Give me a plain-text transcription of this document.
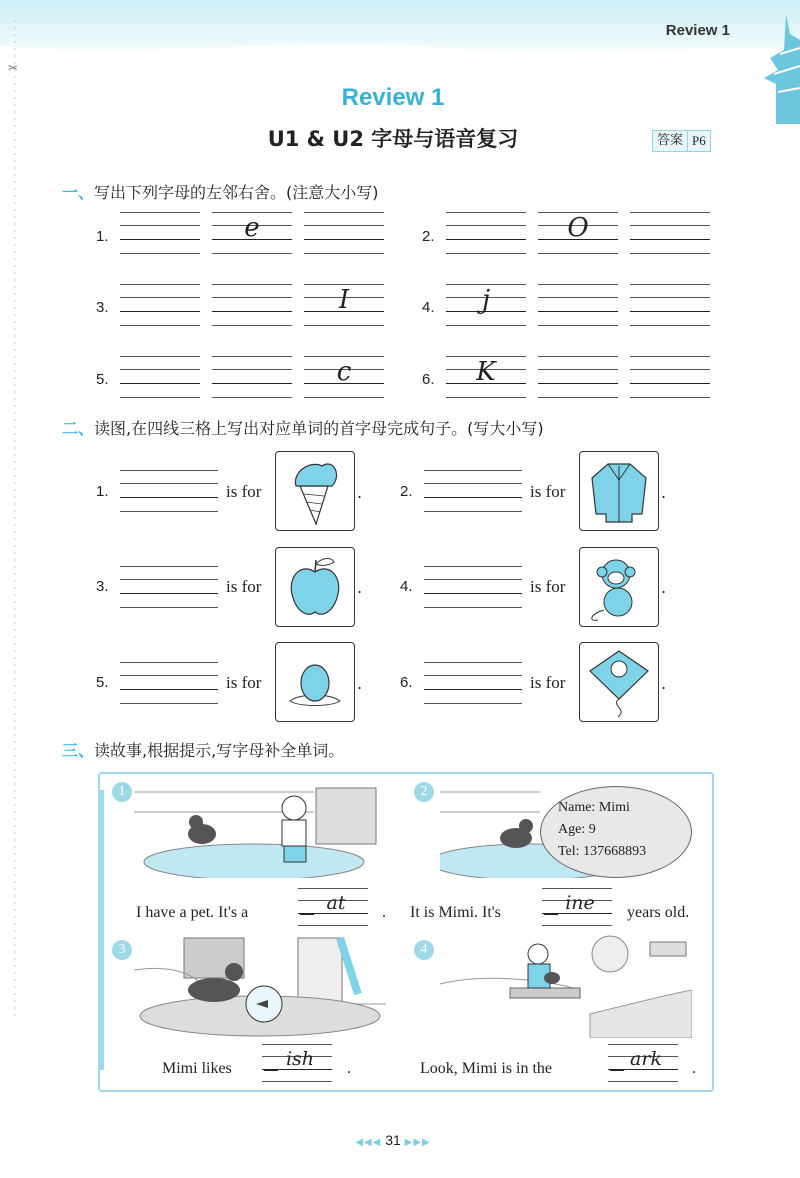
Review 1
✂
Review 1
U1 & U2 字母与语音复习	答案 P6
一、写出下列字母的左邻右舍。(注意大小写)
1.	e	2.	O
3.	I	4.	j
5.	c	6.	K
二、读图,在四线三格上写出对应单词的首字母完成句子。(写大小写)
1.	is for	.	2.	is for	.
3.	is for	.	4.	is for	.
5.	is for	.	6.	is for	.
三、读故事,根据提示,写字母补全单词。
1	2
Name: Mimi
Age: 9
Tel: 137668893
I have a pet. It's a	at	. It is Mimi. It's	ine	years old.
3	4
Mimi likes	ish	.	Look, Mimi is in the	ark	.
◀◀◀ 31 ▶▶▶
